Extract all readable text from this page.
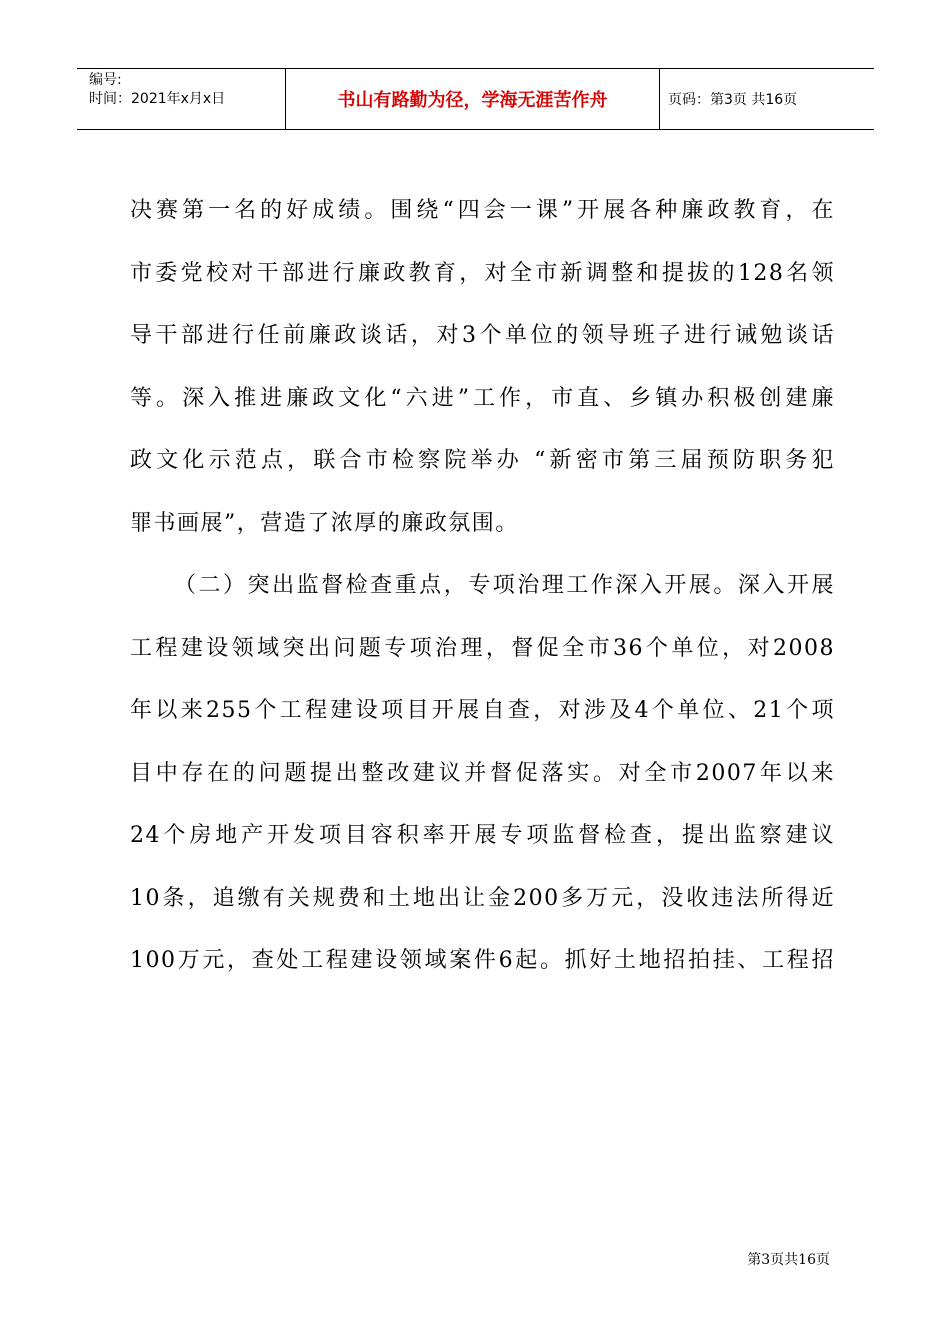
编号:
时间：2021年x月x日	书山有路勤为径，学海无涯苦作舟	页码：第3页 共16页
决赛第一名的好成绩。围绕“四会一课”开展各种廉政教育，在
市委党校对干部进行廉政教育，对全市新调整和提拔的128名领
导干部进行任前廉政谈话，对3个单位的领导班子进行诫勉谈话
等。深入推进廉政文化“六进”工作，市直、乡镇办积极创建廉
政文化示范点，联合市检察院举办 “新密市第三届预防职务犯
罪书画展”，营造了浓厚的廉政氛围。
（二）突出监督检查重点，专项治理工作深入开展。深入开展
工程建设领域突出问题专项治理，督促全市36个单位，对2008
年以来255个工程建设项目开展自查，对涉及4个单位、21个项
目中存在的问题提出整改建议并督促落实。对全市2007年以来
24个房地产开发项目容积率开展专项监督检查，提出监察建议
10条，追缴有关规费和土地出让金200多万元，没收违法所得近
100万元，查处工程建设领域案件6起。抓好土地招拍挂、工程招
第3页共16页
